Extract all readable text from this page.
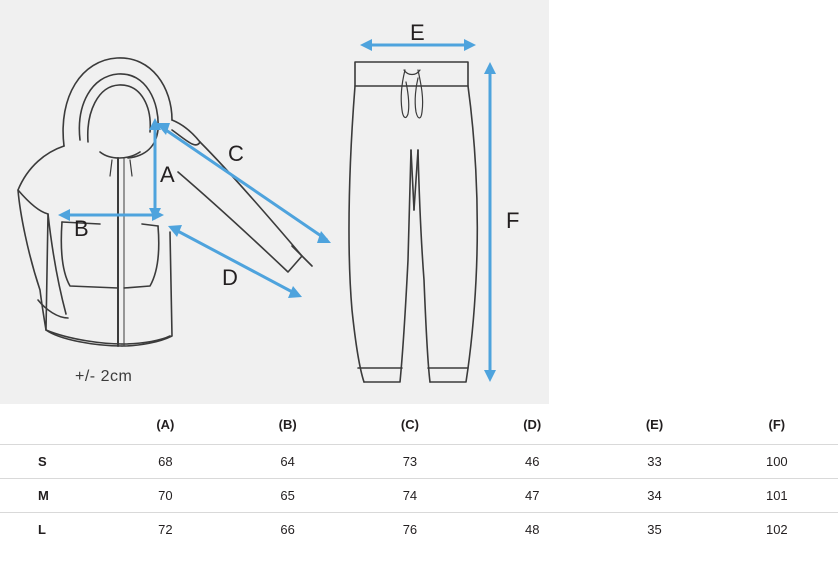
A
B
C
D
E
F
+/- 2cm
	(A)	(B)	(C)	(D)	(E)	(F)
S	68	64	73	46	33	100
M	70	65	74	47	34	101
L	72	66	76	48	35	102
